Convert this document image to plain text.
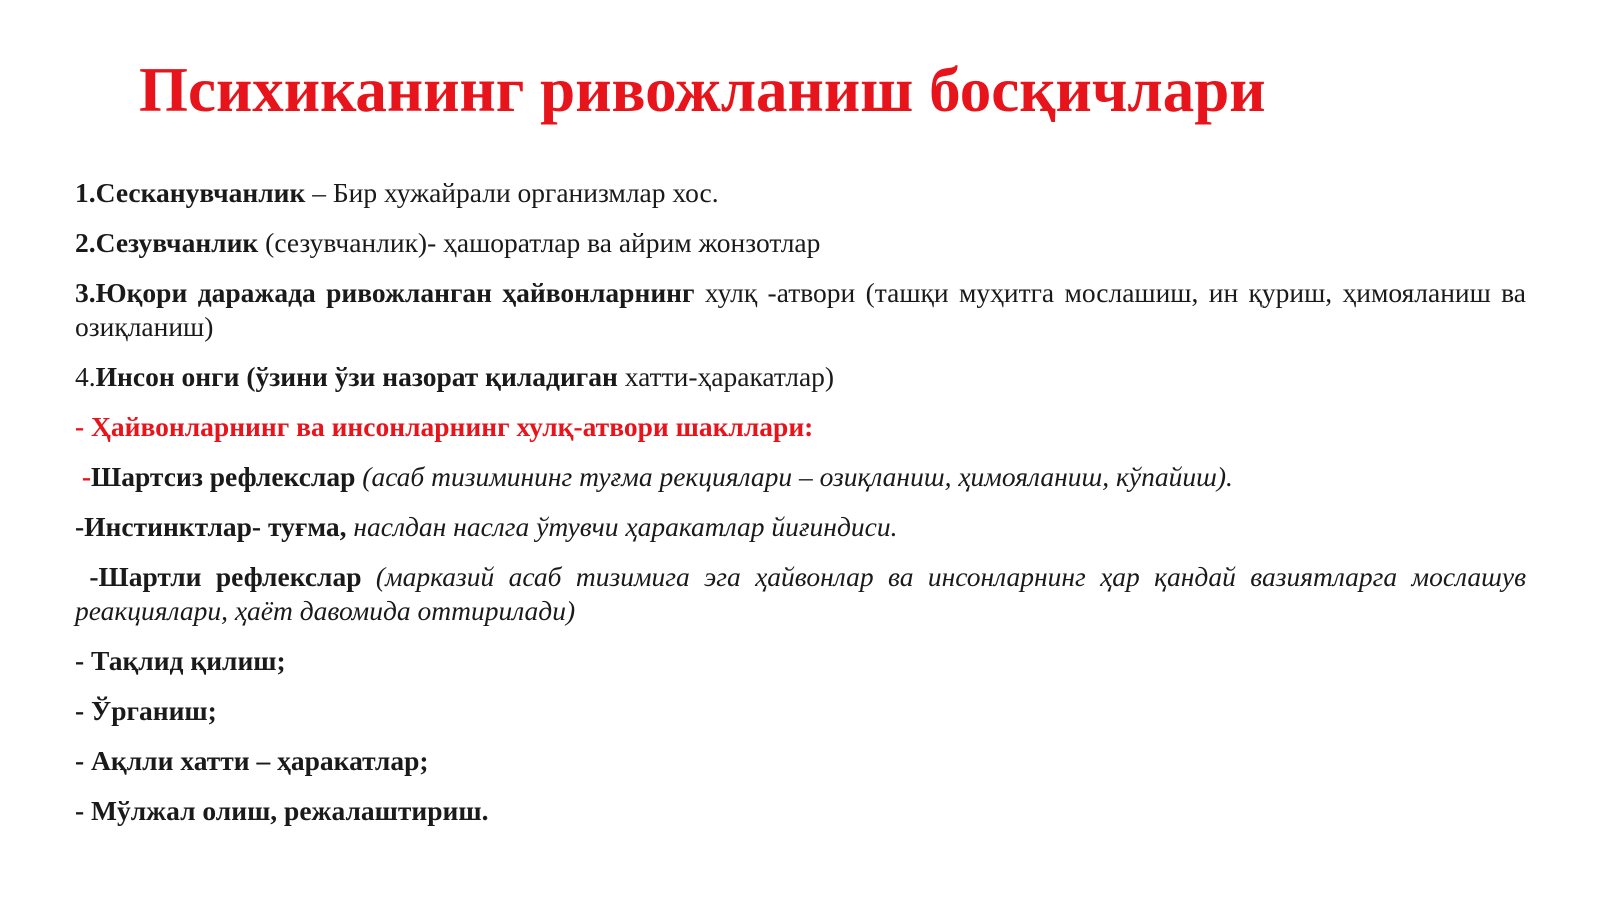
Психиканинг ривожланиш босқичлари

1.Сесканувчанлик – Бир хужайрали организмлар хос.

2.Сезувчанлик (сезувчанлик)- ҳашоратлар ва айрим жонзотлар

3.Юқори даражада ривожланган ҳайвонларнинг хулқ -атвори (ташқи муҳитга мослашиш, ин қуриш, ҳимояланиш ва озиқланиш)

4.Инсон онги (ўзини ўзи назорат қиладиган хатти-ҳаракатлар)

- Ҳайвонларнинг ва инсонларнинг хулқ-атвори шакллари:

-Шартсиз рефлекслар (асаб тизимининг туғма рекциялари – озиқланиш, ҳимояланиш, кўпайиш).

-Инстинктлар- туғма, наслдан наслга ўтувчи ҳаракатлар йиғиндиси.

-Шартли рефлекслар (марказий асаб тизимига эга ҳайвонлар ва инсонларнинг ҳар қандай вазиятларга мослашув реакциялари, ҳаёт давомида оттирилади)

- Тақлид қилиш;

- Ўрганиш;

- Ақлли хатти – ҳаракатлар;

- Мўлжал олиш, режалаштириш.
